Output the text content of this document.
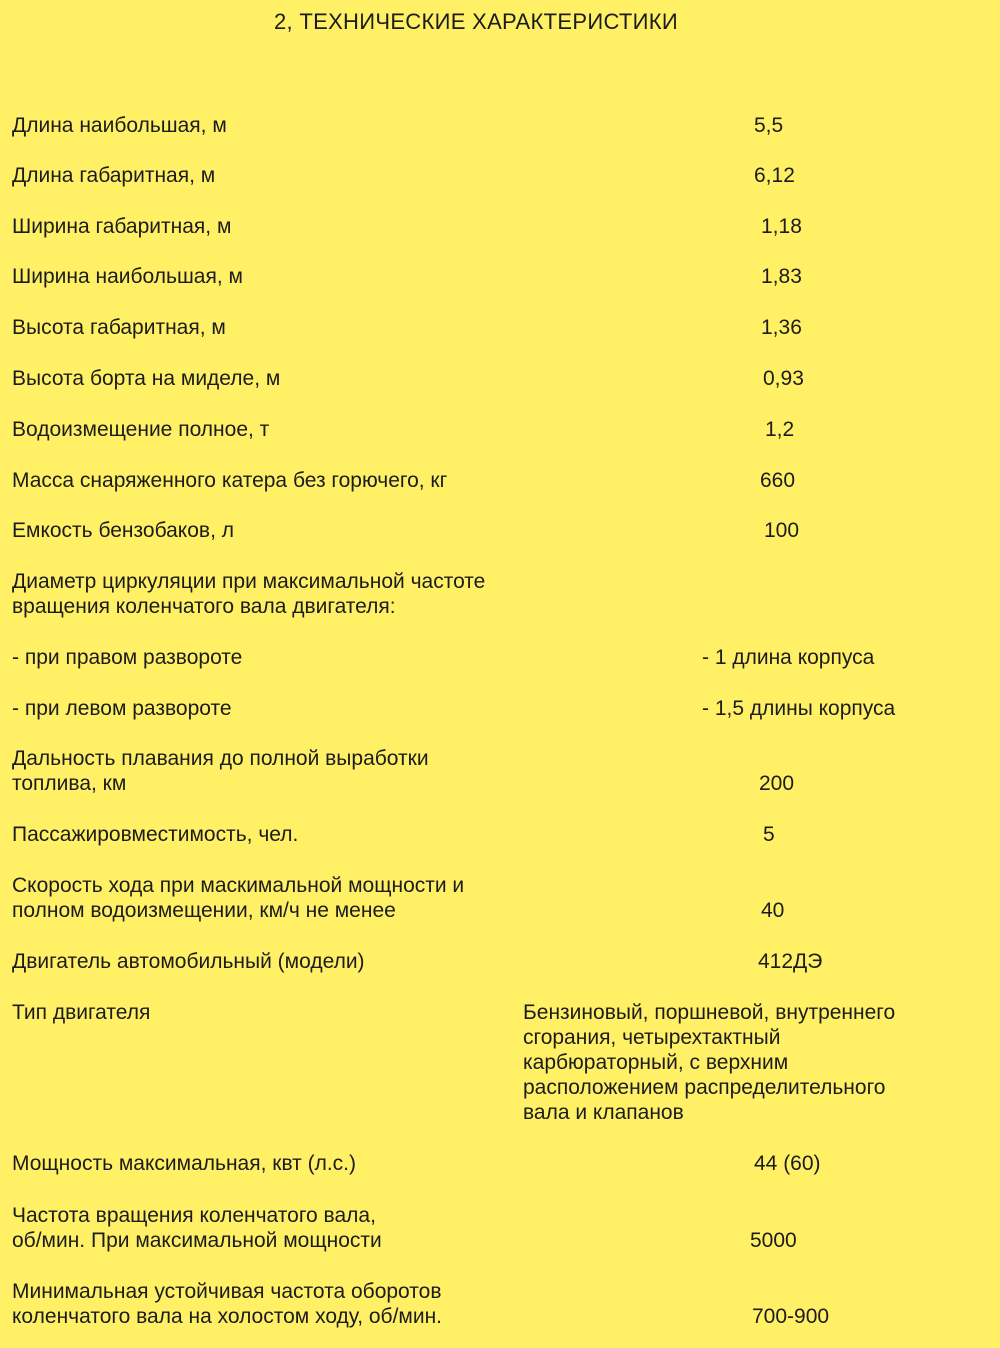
2, ТЕХНИЧЕСКИЕ ХАРАКТЕРИСТИКИ
Длина наибольшая, м	5,5
Длина габаритная, м	6,12
Ширина габаритная, м	1,18
Ширина наибольшая, м	1,83
Высота габаритная, м	1,36
Высота борта на миделе, м	0,93
Водоизмещение полное, т	1,2
Масса снаряженного катера без горючего, кг	660
Емкость бензобаков, л	100
Диаметр циркуляции при максимальной частоте
вращения коленчатого вала двигателя:
- при правом развороте	- 1 длина корпуса
- при левом развороте	- 1,5 длины корпуса
Дальность плавания до полной выработки
топлива, км	200
Пассажировместимость, чел.	5
Скорость хода при маскимальной мощности и
полном водоизмещении, км/ч не менее	40
Двигатель автомобильный (модели)	412ДЭ
Тип двигателя	Бензиновый, поршневой, внутреннего
сгорания, четырехтактный
карбюраторный, с верхним
расположением распределительного
вала и клапанов
Мощность максимальная, квт (л.с.)	44 (60)
Частота вращения коленчатого вала,
об/мин. При максимальной мощности	5000
Минимальная устойчивая частота оборотов
коленчатого вала на холостом ходу, об/мин.	700-900
